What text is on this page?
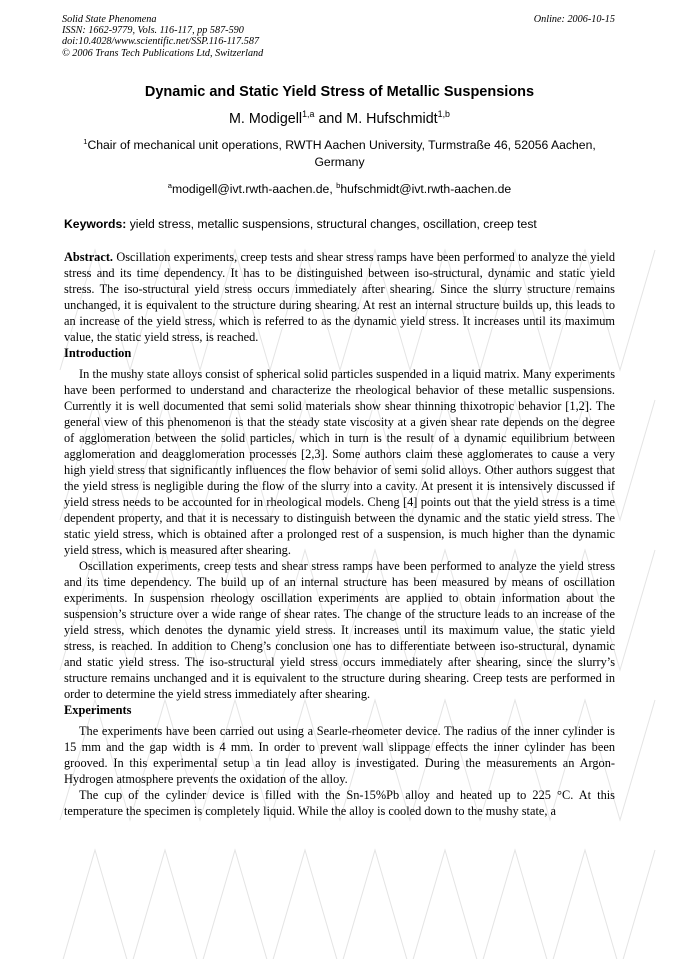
Solid State Phenomena
ISSN: 1662-9779, Vols. 116-117, pp 587-590
doi:10.4028/www.scientific.net/SSP.116-117.587
© 2006 Trans Tech Publications Ltd, Switzerland
Online: 2006-10-15
Dynamic and Static Yield Stress of Metallic Suspensions
M. Modigell$^{1,a}$ and M. Hufschmidt$^{1,b}$
$^1$Chair of mechanical unit operations, RWTH Aachen University, Turmstraße 46, 52056 Aachen, Germany
$^a$modigell@ivt.rwth-aachen.de, $^b$hufschmidt@ivt.rwth-aachen.de
Keywords: yield stress, metallic suspensions, structural changes, oscillation, creep test
Abstract. Oscillation experiments, creep tests and shear stress ramps have been performed to analyze the yield stress and its time dependency. It has to be distinguished between iso-structural, dynamic and static yield stress. The iso-structural yield stress occurs immediately after shearing. Since the slurry structure remains unchanged, it is equivalent to the structure during shearing. At rest an internal structure builds up, this leads to an increase of the yield stress, which is referred to as the dynamic yield stress. It increases until its maximum value, the static yield stress, is reached.
Introduction

In the mushy state alloys consist of spherical solid particles suspended in a liquid matrix. Many experiments have been performed to understand and characterize the rheological behavior of these metallic suspensions. Currently it is well documented that semi solid materials show shear thinning thixotropic behavior [1,2]. The general view of this phenomenon is that the steady state viscosity at a given shear rate depends on the degree of agglomeration between the solid particles, which in turn is the result of a dynamic equilibrium between agglomeration and deagglomeration processes [2,3]. Some authors claim these agglomerates to cause a very high yield stress that significantly influences the flow behavior of semi solid alloys. Other authors suggest that the yield stress is negligible during the flow of the slurry into a cavity. At present it is intensively discussed if yield stress needs to be accounted for in rheological models. Cheng [4] points out that the yield stress is a time dependent property, and that it is necessary to distinguish between the dynamic and the static yield stress. The static yield stress, which is obtained after a prolonged rest of a suspension, is much higher than the dynamic yield stress, which is measured after shearing.

Oscillation experiments, creep tests and shear stress ramps have been performed to analyze the yield stress and its time dependency. The build up of an internal structure has been measured by means of oscillation experiments. In suspension rheology oscillation experiments are applied to obtain information about the suspension’s structure over a wide range of shear rates. The change of the structure leads to an increase of the yield stress, which denotes the dynamic yield stress. It increases until its maximum value, the static yield stress, is reached. In addition to Cheng’s conclusion one has to differentiate between iso-structural, dynamic and static yield stress. The iso-structural yield stress occurs immediately after shearing, since the slurry’s structure remains unchanged and it is equivalent to the structure during shearing. Creep tests are performed in order to determine the yield stress immediately after shearing.

Experiments

The experiments have been carried out using a Searle-rheometer device. The radius of the inner cylinder is 15 mm and the gap width is 4 mm. In order to prevent wall slippage effects the inner cylinder has been grooved. In this experimental setup a tin lead alloy is investigated. During the measurements an Argon-Hydrogen atmosphere prevents the oxidation of the alloy.

The cup of the cylinder device is filled with the Sn-15%Pb alloy and heated up to 225 °C. At this temperature the specimen is completely liquid. While the alloy is cooled down to the mushy state, a
